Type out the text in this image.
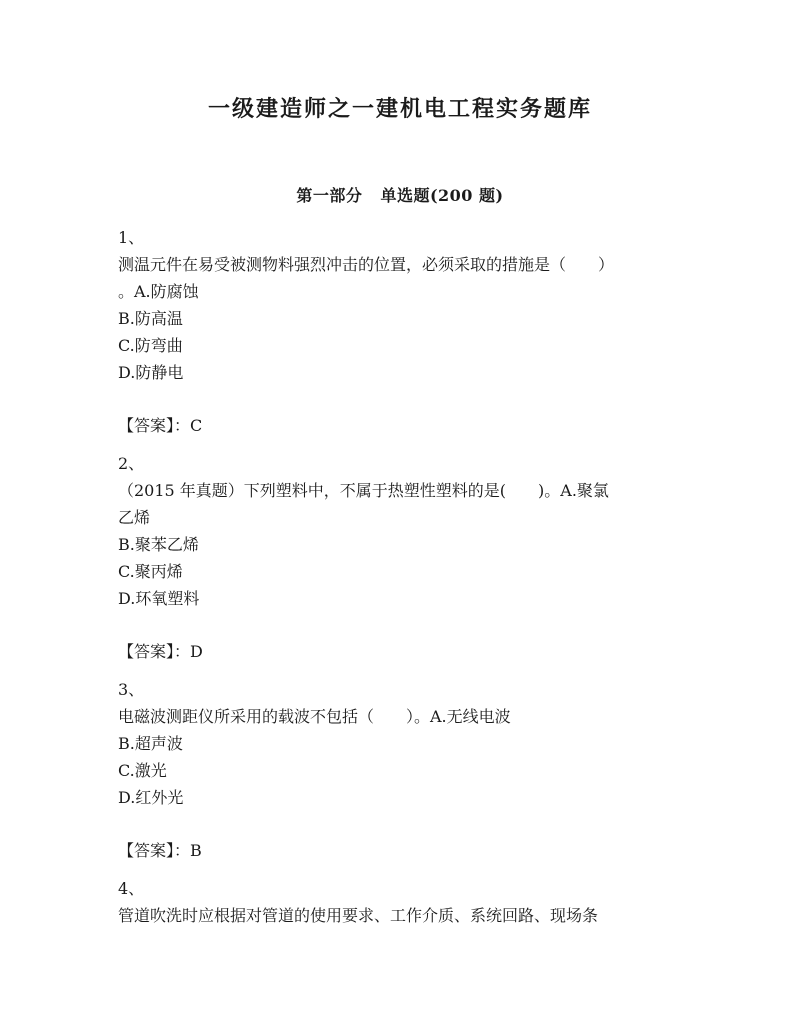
一级建造师之一建机电工程实务题库
第一部分 单选题(200 题)
1、
测温元件在易受被测物料强烈冲击的位置，必须采取的措施是（　　）
。A.防腐蚀
B.防高温
C.防弯曲
D.防静电
【答案】：C
2、
（2015 年真题）下列塑料中，不属于热塑性塑料的是(　　)。A.聚氯
乙烯
B.聚苯乙烯
C.聚丙烯
D.环氧塑料
【答案】：D
3、
电磁波测距仪所采用的载波不包括（　　）。A.无线电波
B.超声波
C.激光
D.红外光
【答案】：B
4、
管道吹洗时应根据对管道的使用要求、工作介质、系统回路、现场条
